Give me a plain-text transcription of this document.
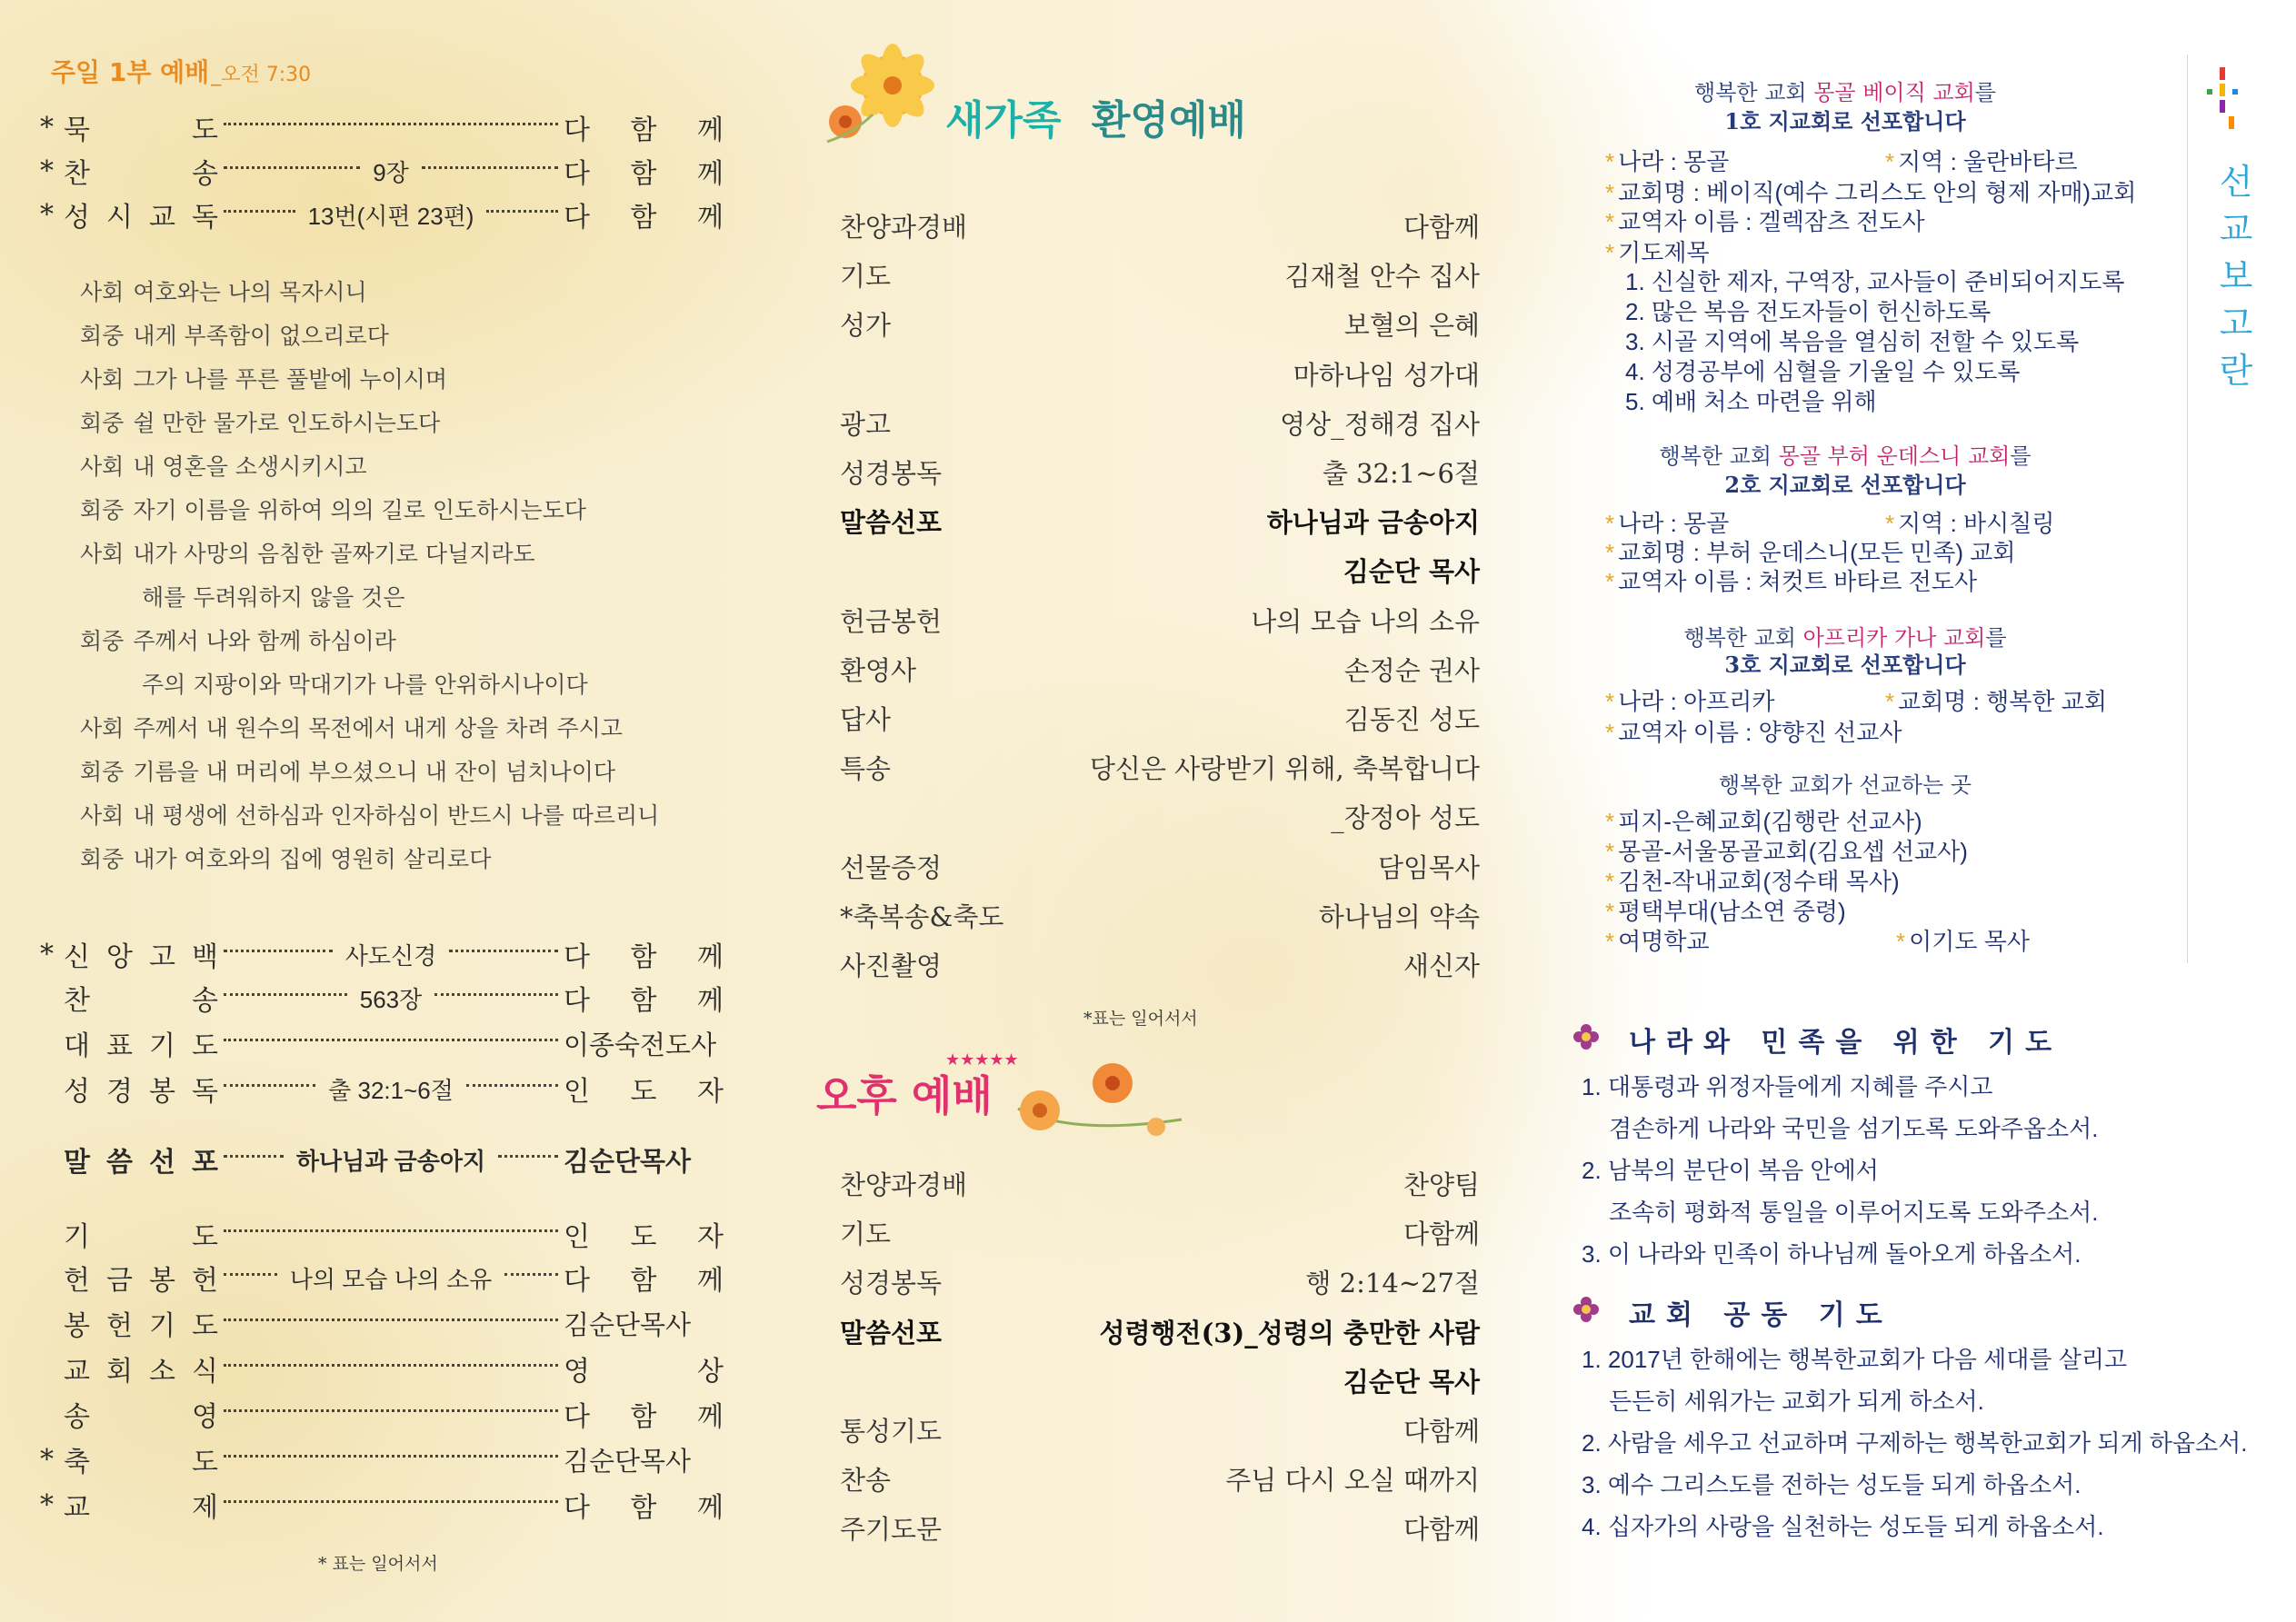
주일 1부 예배_오전 7:30
* 묵	도	다 함 께
* 찬	송	9장	다 함 께
* 성 시 교 독	13번(시편 23편)	다 함 께
사회 여호와는 나의 목자시니
회중 내게 부족함이 없으리로다
사회 그가 나를 푸른 풀밭에 누이시며
회중 쉴 만한 물가로 인도하시는도다
사회 내 영혼을 소생시키시고
회중 자기 이름을 위하여 의의 길로 인도하시는도다
사회 내가 사망의 음침한 골짜기로 다닐지라도
해를 두려워하지 않을 것은
회중 주께서 나와 함께 하심이라
주의 지팡이와 막대기가 나를 안위하시나이다
사회 주께서 내 원수의 목전에서 내게 상을 차려 주시고
회중 기름을 내 머리에 부으셨으니 내 잔이 넘치나이다
사회 내 평생에 선하심과 인자하심이 반드시 나를 따르리니
회중 내가 여호와의 집에 영원히 살리로다
* 신 앙 고 백	사도신경	다 함 께
찬	송	563장	다 함 께
대 표 기 도	이종숙전도사
성 경 봉 독	출 32:1~6절	인 도 자
말 씀 선 포	하나님과 금송아지	김순단목사
기	도	인 도 자
헌 금 봉 헌	나의 모습 나의 소유	다 함 께
봉 헌 기 도	김순단목사
교 회 소 식	영	상
송	영	다 함 께
* 축	도	김순단목사
* 교	제	다 함 께
* 표는 일어서서
새가족 환영예배
찬양과경배	다함께
기도	김재철 안수 집사
성가	보혈의 은혜
마하나임 성가대
광고	영상_정해경 집사
성경봉독	출 32:1~6절
말씀선포	하나님과 금송아지
김순단 목사
헌금봉헌	나의 모습 나의 소유
환영사	손정순 권사
답사	김동진 성도
특송	당신은 사랑받기 위해, 축복합니다
_장정아 성도
선물증정	담임목사
*축복송&축도	하나님의 약속
사진촬영	새신자
*표는 일어서서
오후 예배
★★★★★
찬양과경배	찬양팀
기도	다함께
성경봉독	행 2:14~27절
말씀선포	성령행전(3)_성령의 충만한 사람
김순단 목사
통성기도	다함께
찬송	주님 다시 오실 때까지
주기도문	다함께
선
교
보
고
란
행복한 교회 몽골 베이직 교회를
1호 지교회로 선포합니다
* 나라 : 몽골	* 지역 : 울란바타르
* 교회명 : 베이직(예수 그리스도 안의 형제 자매)교회
* 교역자 이름 : 겔렉잠츠 전도사
* 기도제목
1. 신실한 제자, 구역장, 교사들이 준비되어지도록
2. 많은 복음 전도자들이 헌신하도록
3. 시골 지역에 복음을 열심히 전할 수 있도록
4. 성경공부에 심혈을 기울일 수 있도록
5. 예배 처소 마련을 위해
행복한 교회 몽골 부허 운데스니 교회를
2호 지교회로 선포합니다
* 나라 : 몽골	* 지역 : 바시칠링
* 교회명 : 부허 운데스니(모든 민족) 교회
* 교역자 이름 : 쳐컷트 바타르 전도사
행복한 교회 아프리카 가나 교회를
3호 지교회로 선포합니다
* 나라 : 아프리카	* 교회명 : 행복한 교회
* 교역자 이름 : 양향진 선교사
행복한 교회가 선교하는 곳
* 피지-은혜교회(김행란 선교사)
* 몽골-서울몽골교회(김요셉 선교사)
* 김천-작내교회(정수태 목사)
* 평택부대(남소연 중령)
* 여명학교	* 이기도 목사
나라와 민족을 위한 기도
1. 대통령과 위정자들에게 지혜를 주시고
겸손하게 나라와 국민을 섬기도록 도와주옵소서.
2. 남북의 분단이 복음 안에서
조속히 평화적 통일을 이루어지도록 도와주소서.
3. 이 나라와 민족이 하나님께 돌아오게 하옵소서.
교회 공동 기도
1. 2017년 한해에는 행복한교회가 다음 세대를 살리고
든든히 세워가는 교회가 되게 하소서.
2. 사람을 세우고 선교하며 구제하는 행복한교회가 되게 하옵소서.
3. 예수 그리스도를 전하는 성도들 되게 하옵소서.
4. 십자가의 사랑을 실천하는 성도들 되게 하옵소서.
